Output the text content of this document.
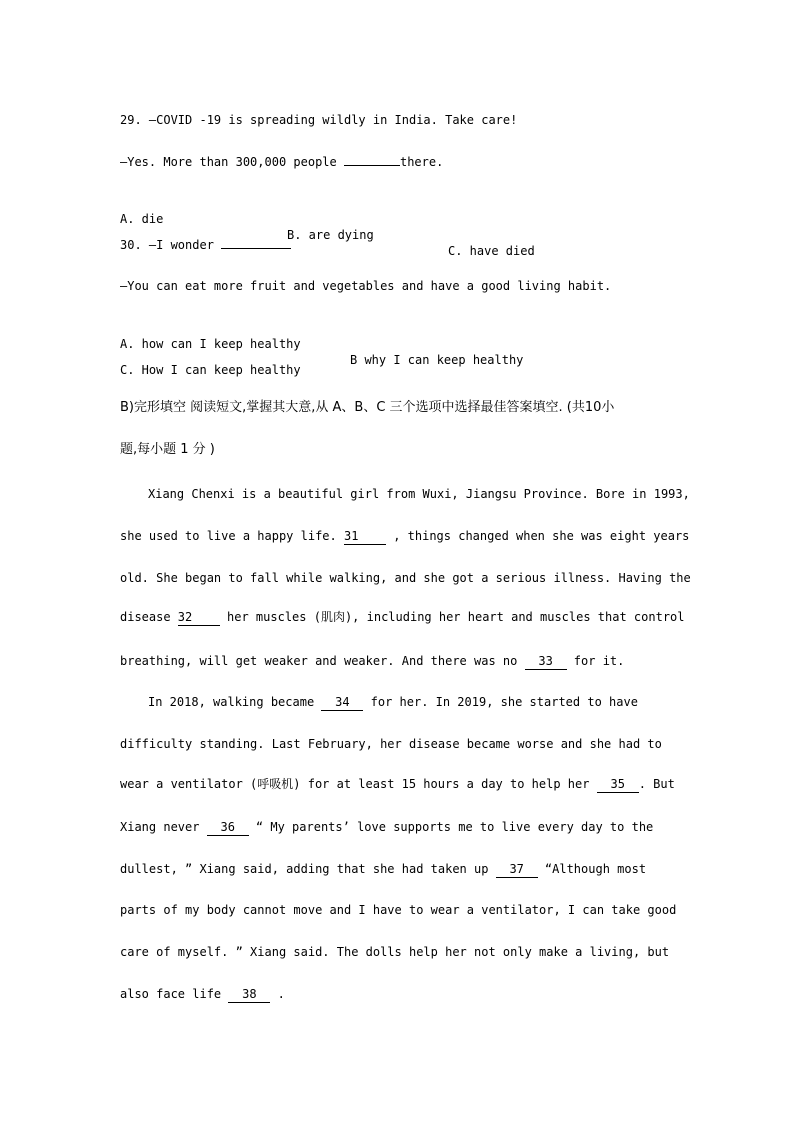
29. —COVID -19 is spreading wildly in India. Take care!
—Yes. More than 300,000 people	there.

A. die

B. are dying

C. have died

30. —I wonder
—You can eat more fruit and vegetables and have a good living habit.

A. how can I keep healthy

B why I can keep healthy

C. How I can keep healthy
B)完形填空 阅读短文,掌握其大意,从 A、B、C 三个选项中选择最佳答案填空. (共10小
题,每小题 1 分 )
Xiang Chenxi is a beautiful girl from Wuxi, Jiangsu Province. Bore in 1993,
she used to live a happy life. 31 , things changed when she was eight years
old. She began to fall while walking, and she got a serious illness. Having the
disease 32 her muscles (肌肉), including her heart and muscles that control
breathing, will get weaker and weaker. And there was no 33 for it.
In 2018, walking became 34 for her. In 2019, she started to have
difficulty standing. Last February, her disease became worse and she had to
wear a ventilator (呼吸机) for at least 15 hours a day to help her 35 . But
Xiang never 36 “ My parents’ love supports me to live every day to the
dullest, ” Xiang said, adding that she had taken up 37 “Although most
parts of my body cannot move and I have to wear a ventilator, I can take good
care of myself. ” Xiang said. The dolls help her not only make a living, but
also face life 38 .
